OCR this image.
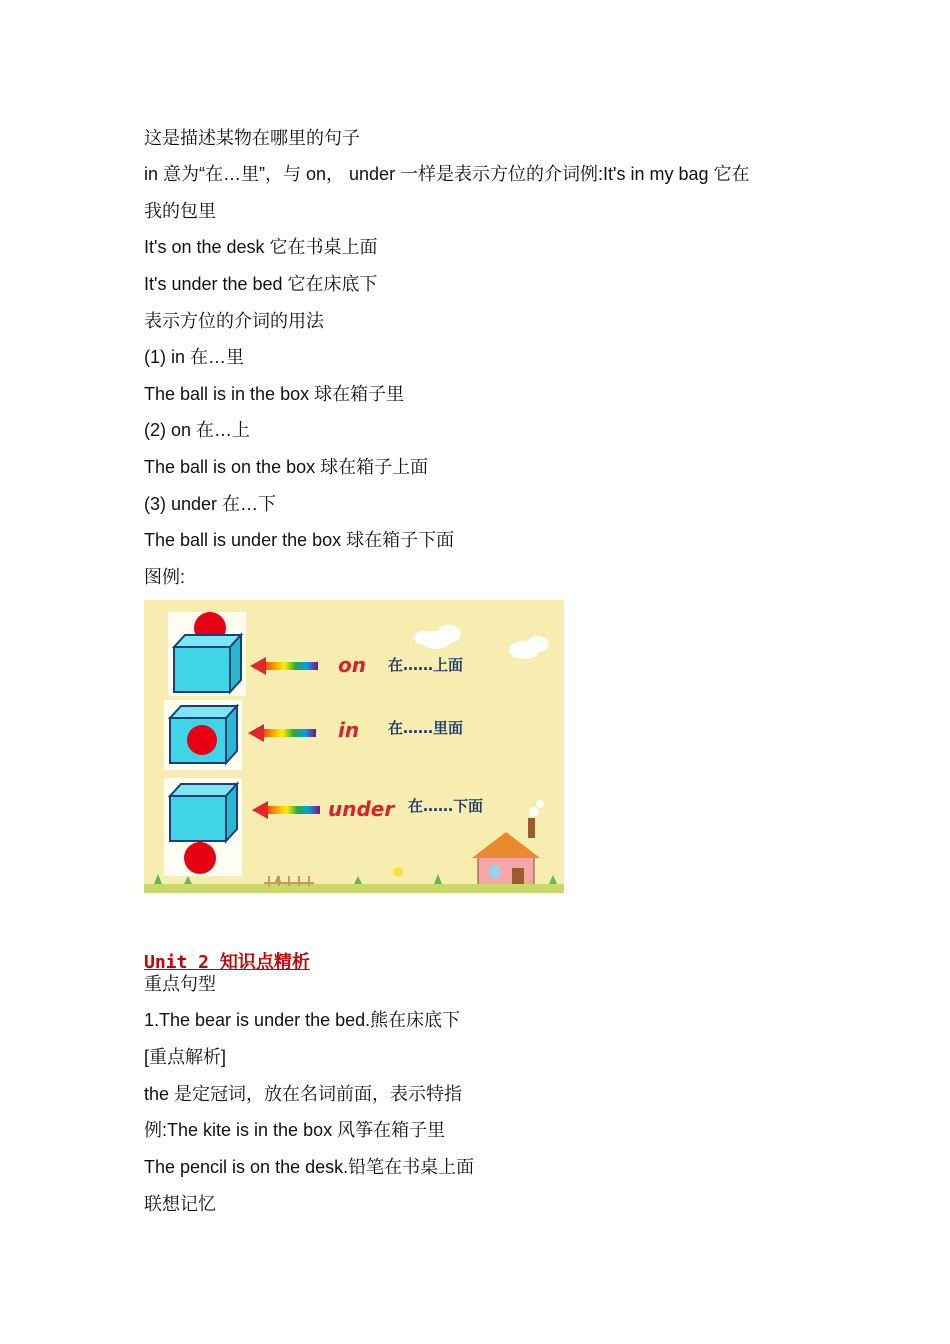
这是描述某物在哪里的句子
in 意为“在…里”，与 on， under 一样是表示方位的介词例:It's in my bag 它在
我的包里
It's on the desk 它在书桌上面
It's under the bed 它在床底下
表示方位的介词的用法
(1) in 在…里
The ball is in the box 球在箱子里
(2) on 在…上
The ball is on the box 球在箱子上面
(3) under 在…下
The ball is under the box 球在箱子下面
图例:
on 在……上面
in 在……里面
under 在……下面
Unit 2 知识点精析
重点句型
1.The bear is under the bed.熊在床底下
[重点解析]
the 是定冠词，放在名词前面，表示特指
例:The kite is in the box 风筝在箱子里
The pencil is on the desk.铅笔在书桌上面
联想记忆
